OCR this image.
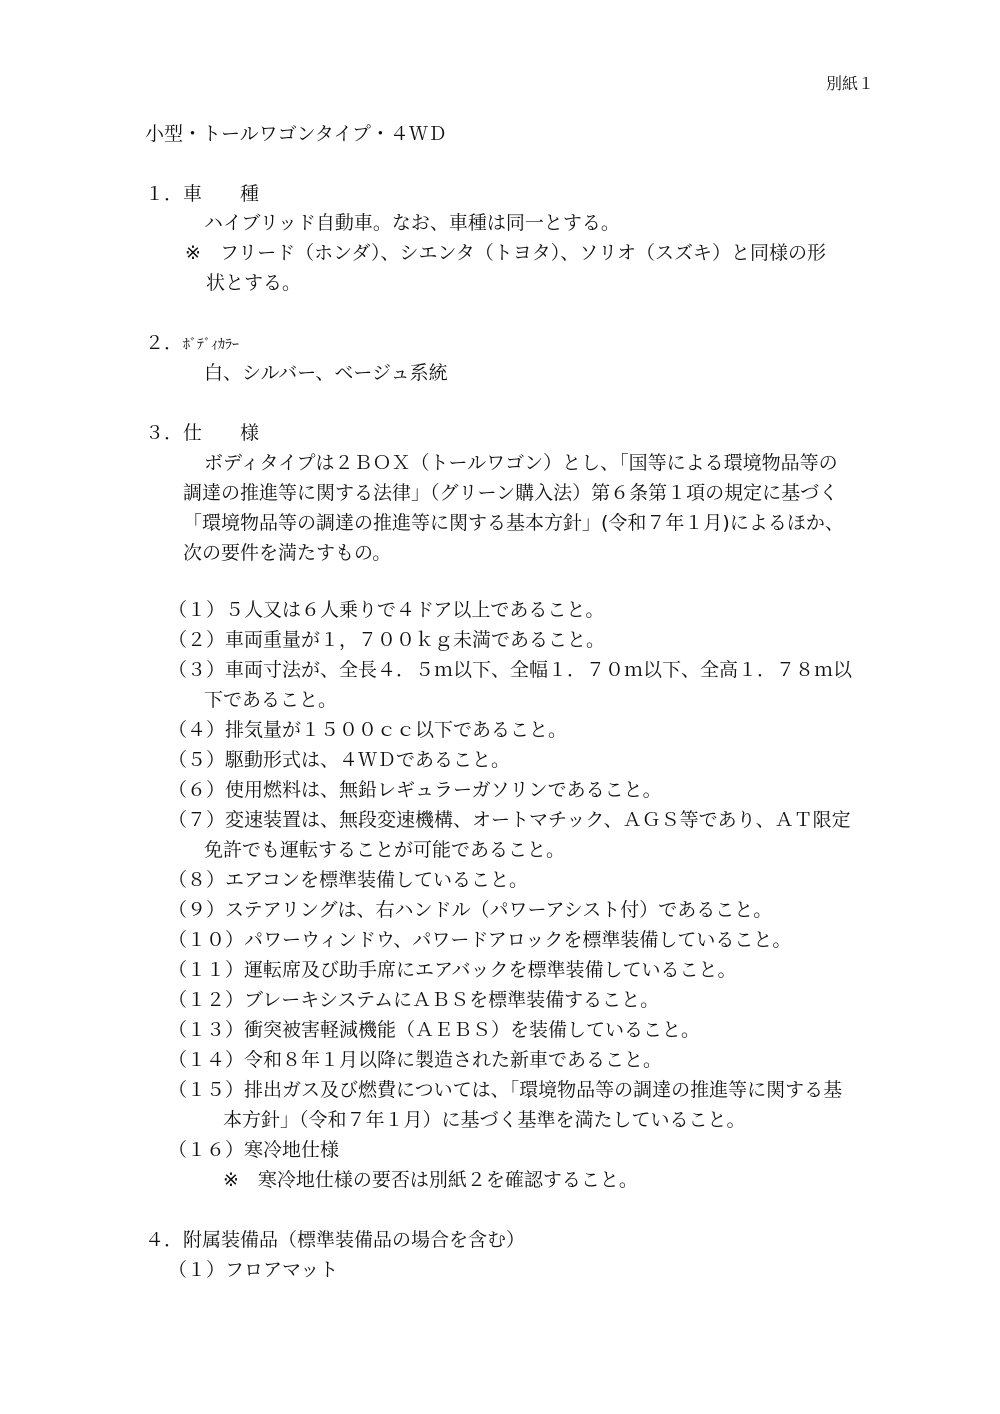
別紙１
小型・トールワゴンタイプ・４ＷＤ
１．車　　種
ハイブリッド自動車。なお、車種は同一とする。
※　フリード（ホンダ）、シエンタ（トヨタ）、ソリオ（スズキ）と同様の形
状とする。
２．ﾎﾞﾃﾞｨｶﾗｰ
白、シルバー、ベージュ系統
３．仕　　様
ボディタイプは２ＢＯＸ（トールワゴン）とし、「国等による環境物品等の
調達の推進等に関する法律」（グリーン購入法）第６条第１項の規定に基づく
「環境物品等の調達の推進等に関する基本方針」(令和７年１月)によるほか、
次の要件を満たすもの。
（１）５人又は６人乗りで４ドア以上であること。
（２）車両重量が１，７００ｋｇ未満であること。
（３）車両寸法が、全長４．５ｍ以下、全幅１．７０ｍ以下、全高１．７８ｍ以
下であること。
（４）排気量が１５００ｃｃ以下であること。
（５）駆動形式は、４ＷＤであること。
（６）使用燃料は、無鉛レギュラーガソリンであること。
（７）変速装置は、無段変速機構、オートマチック、ＡＧＳ等であり、ＡＴ限定
免許でも運転することが可能であること。
（８）エアコンを標準装備していること。
（９）ステアリングは、右ハンドル（パワーアシスト付）であること。
（１０）パワーウィンドウ、パワードアロックを標準装備していること。
（１１）運転席及び助手席にエアバックを標準装備していること。
（１２）ブレーキシステムにＡＢＳを標準装備すること。
（１３）衝突被害軽減機能（ＡＥＢＳ）を装備していること。
（１４）令和８年１月以降に製造された新車であること。
（１５）排出ガス及び燃費については、「環境物品等の調達の推進等に関する基
本方針」（令和７年１月）に基づく基準を満たしていること。
（１６）寒冷地仕様
※　寒冷地仕様の要否は別紙２を確認すること。
４．附属装備品（標準装備品の場合を含む）
（１）フロアマット
